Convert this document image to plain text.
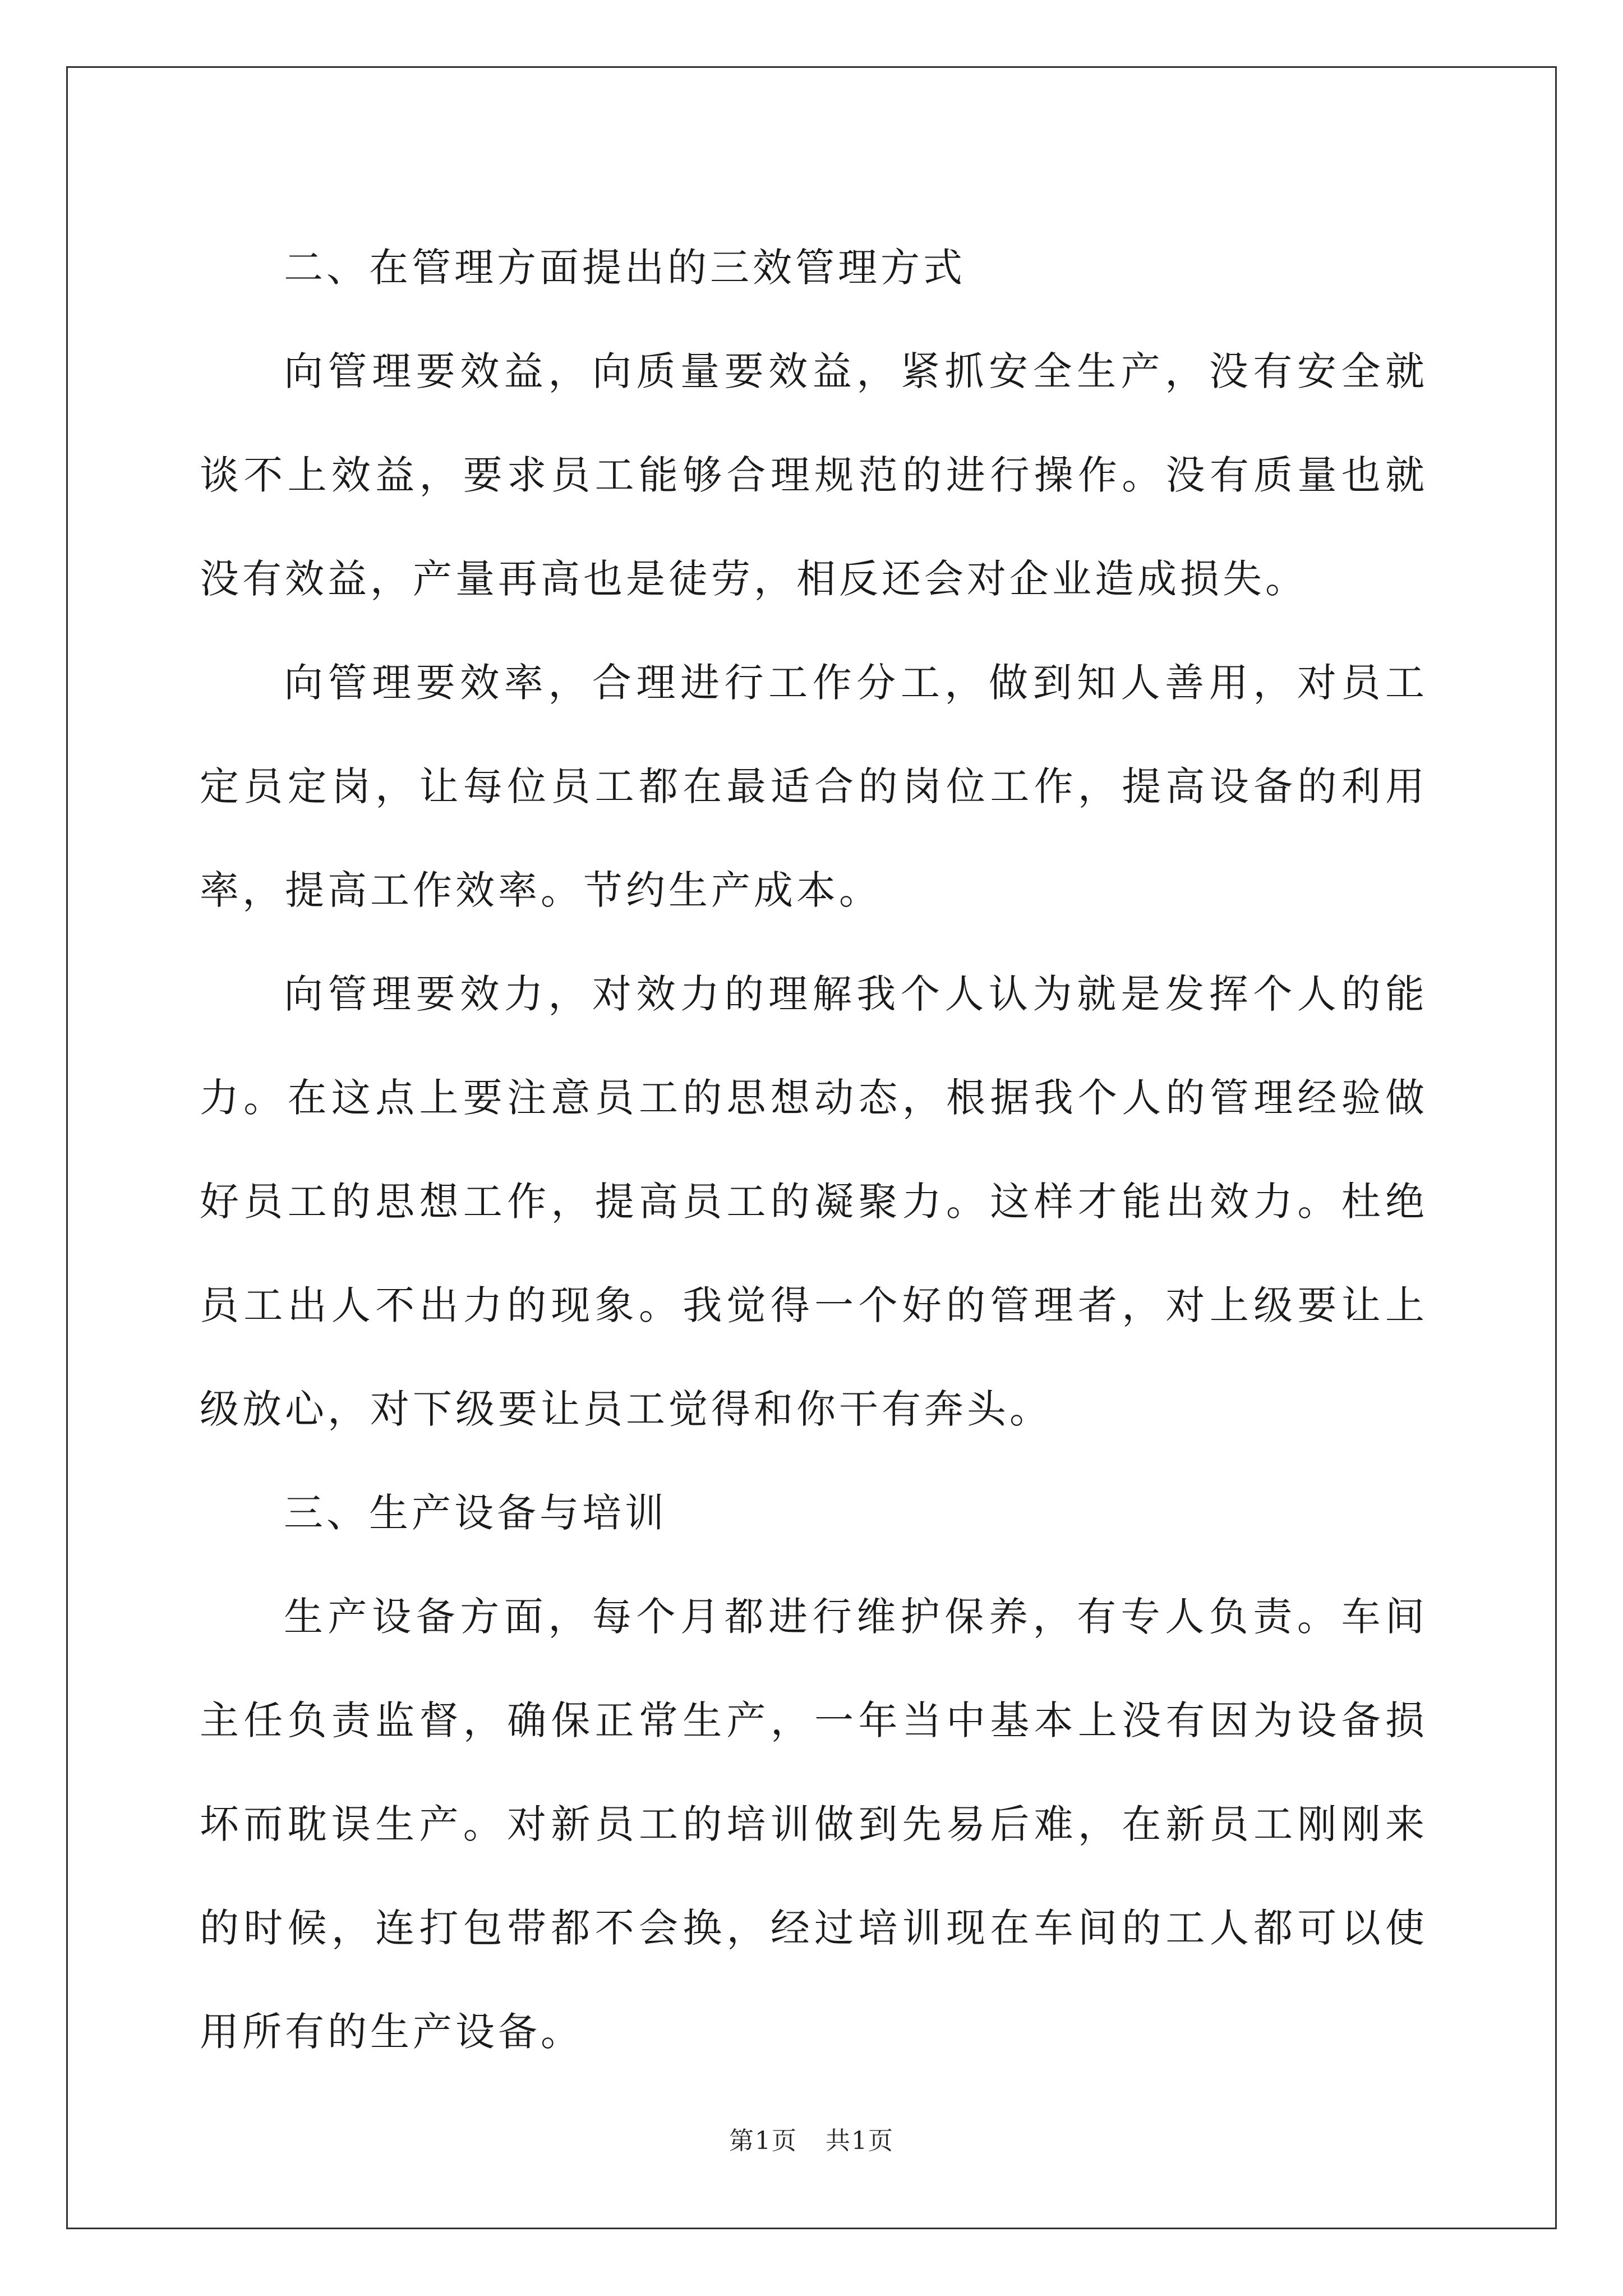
二、在管理方面提出的三效管理方式

向管理要效益，向质量要效益，紧抓安全生产，没有安全就谈不上效益，要求员工能够合理规范的进行操作。没有质量也就没有效益，产量再高也是徒劳，相反还会对企业造成损失。

向管理要效率，合理进行工作分工，做到知人善用，对员工定员定岗，让每位员工都在最适合的岗位工作，提高设备的利用率，提高工作效率。节约生产成本。

向管理要效力，对效力的理解我个人认为就是发挥个人的能力。在这点上要注意员工的思想动态，根据我个人的管理经验做好员工的思想工作，提高员工的凝聚力。这样才能出效力。杜绝员工出人不出力的现象。我觉得一个好的管理者，对上级要让上级放心，对下级要让员工觉得和你干有奔头。

三、生产设备与培训

生产设备方面，每个月都进行维护保养，有专人负责。车间主任负责监督，确保正常生产，一年当中基本上没有因为设备损坏而耽误生产。对新员工的培训做到先易后难，在新员工刚刚来的时候，连打包带都不会换，经过培训现在车间的工人都可以使用所有的生产设备。

第1页 共1页
